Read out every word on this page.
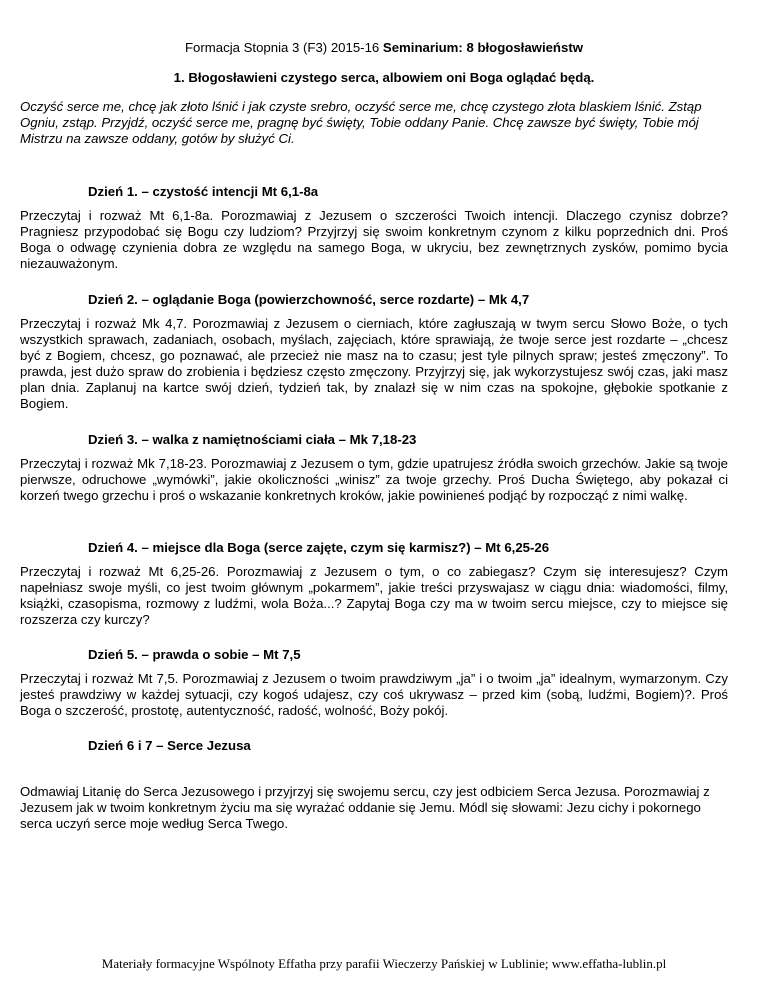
Formacja Stopnia 3 (F3) 2015-16 Seminarium: 8 błogosławieństw
1. Błogosławieni czystego serca, albowiem oni Boga oglądać będą.
Oczyść serce me, chcę jak złoto lśnić i jak czyste srebro, oczyść serce me, chcę czystego złota blaskiem lśnić. Zstąp Ogniu, zstąp. Przyjdź, oczyść serce me, pragnę być święty, Tobie oddany Panie. Chcę zawsze być święty, Tobie mój Mistrzu na zawsze oddany, gotów by służyć Ci.
Dzień 1. – czystość intencji Mt 6,1-8a
Przeczytaj i rozważ Mt 6,1-8a. Porozmawiaj z Jezusem o szczerości Twoich intencji. Dlaczego czynisz dobrze? Pragniesz przypodobać się Bogu czy ludziom? Przyjrzyj się swoim konkretnym czynom z kilku poprzednich dni. Proś Boga o odwagę czynienia dobra ze względu na samego Boga, w ukryciu, bez zewnętrznych zysków, pomimo bycia niezauważonym.
Dzień 2. – oglądanie Boga (powierzchowność, serce rozdarte) – Mk 4,7
Przeczytaj i rozważ Mk 4,7. Porozmawiaj z Jezusem o cierniach, które zagłuszają w twym sercu Słowo Boże, o tych wszystkich sprawach, zadaniach, osobach, myślach, zajęciach, które sprawiają, że twoje serce jest rozdarte – „chcesz być z Bogiem, chcesz, go poznawać, ale przecież nie masz na to czasu; jest tyle pilnych spraw; jesteś zmęczony”. To prawda, jest dużo spraw do zrobienia i będziesz często zmęczony. Przyjrzyj się, jak wykorzystujesz swój czas, jaki masz plan dnia. Zaplanuj na kartce swój dzień, tydzień tak, by znalazł się w nim czas na spokojne, głębokie spotkanie z Bogiem.
Dzień 3. – walka z namiętnościami ciała – Mk 7,18-23
Przeczytaj i rozważ Mk 7,18-23. Porozmawiaj z Jezusem o tym, gdzie upatrujesz źródła swoich grzechów. Jakie są twoje pierwsze, odruchowe „wymówki”, jakie okoliczności „winisz” za twoje grzechy. Proś Ducha Świętego, aby pokazał ci korzeń twego grzechu i proś o wskazanie konkretnych kroków, jakie powinieneś podjąć by rozpocząć z nimi walkę.
Dzień 4. – miejsce dla Boga (serce zajęte, czym się karmisz?) – Mt 6,25-26
Przeczytaj i rozważ Mt 6,25-26. Porozmawiaj z Jezusem o tym, o co zabiegasz? Czym się interesujesz? Czym napełniasz swoje myśli, co jest twoim głównym „pokarmem”, jakie treści przyswajasz w ciągu dnia: wiadomości, filmy, książki, czasopisma, rozmowy z ludźmi, wola Boża...? Zapytaj Boga czy ma w twoim sercu miejsce, czy to miejsce się rozszerza czy kurczy?
Dzień 5. – prawda o sobie – Mt 7,5
Przeczytaj i rozważ Mt 7,5. Porozmawiaj z Jezusem o twoim prawdziwym „ja” i o twoim „ja” idealnym, wymarzonym. Czy jesteś prawdziwy w każdej sytuacji, czy kogoś udajesz, czy coś ukrywasz – przed kim (sobą, ludźmi, Bogiem)?. Proś Boga o szczerość, prostotę, autentyczność, radość, wolność, Boży pokój.
Dzień 6 i 7 – Serce Jezusa
Odmawiaj Litanię do Serca Jezusowego i przyjrzyj się swojemu sercu, czy jest odbiciem Serca Jezusa. Porozmawiaj z Jezusem jak w twoim konkretnym życiu ma się wyrażać oddanie się Jemu. Módl się słowami: Jezu cichy i pokornego serca uczyń serce moje według Serca Twego.
Materiały formacyjne Wspólnoty Effatha przy parafii Wieczerzy Pańskiej w Lublinie; www.effatha-lublin.pl
